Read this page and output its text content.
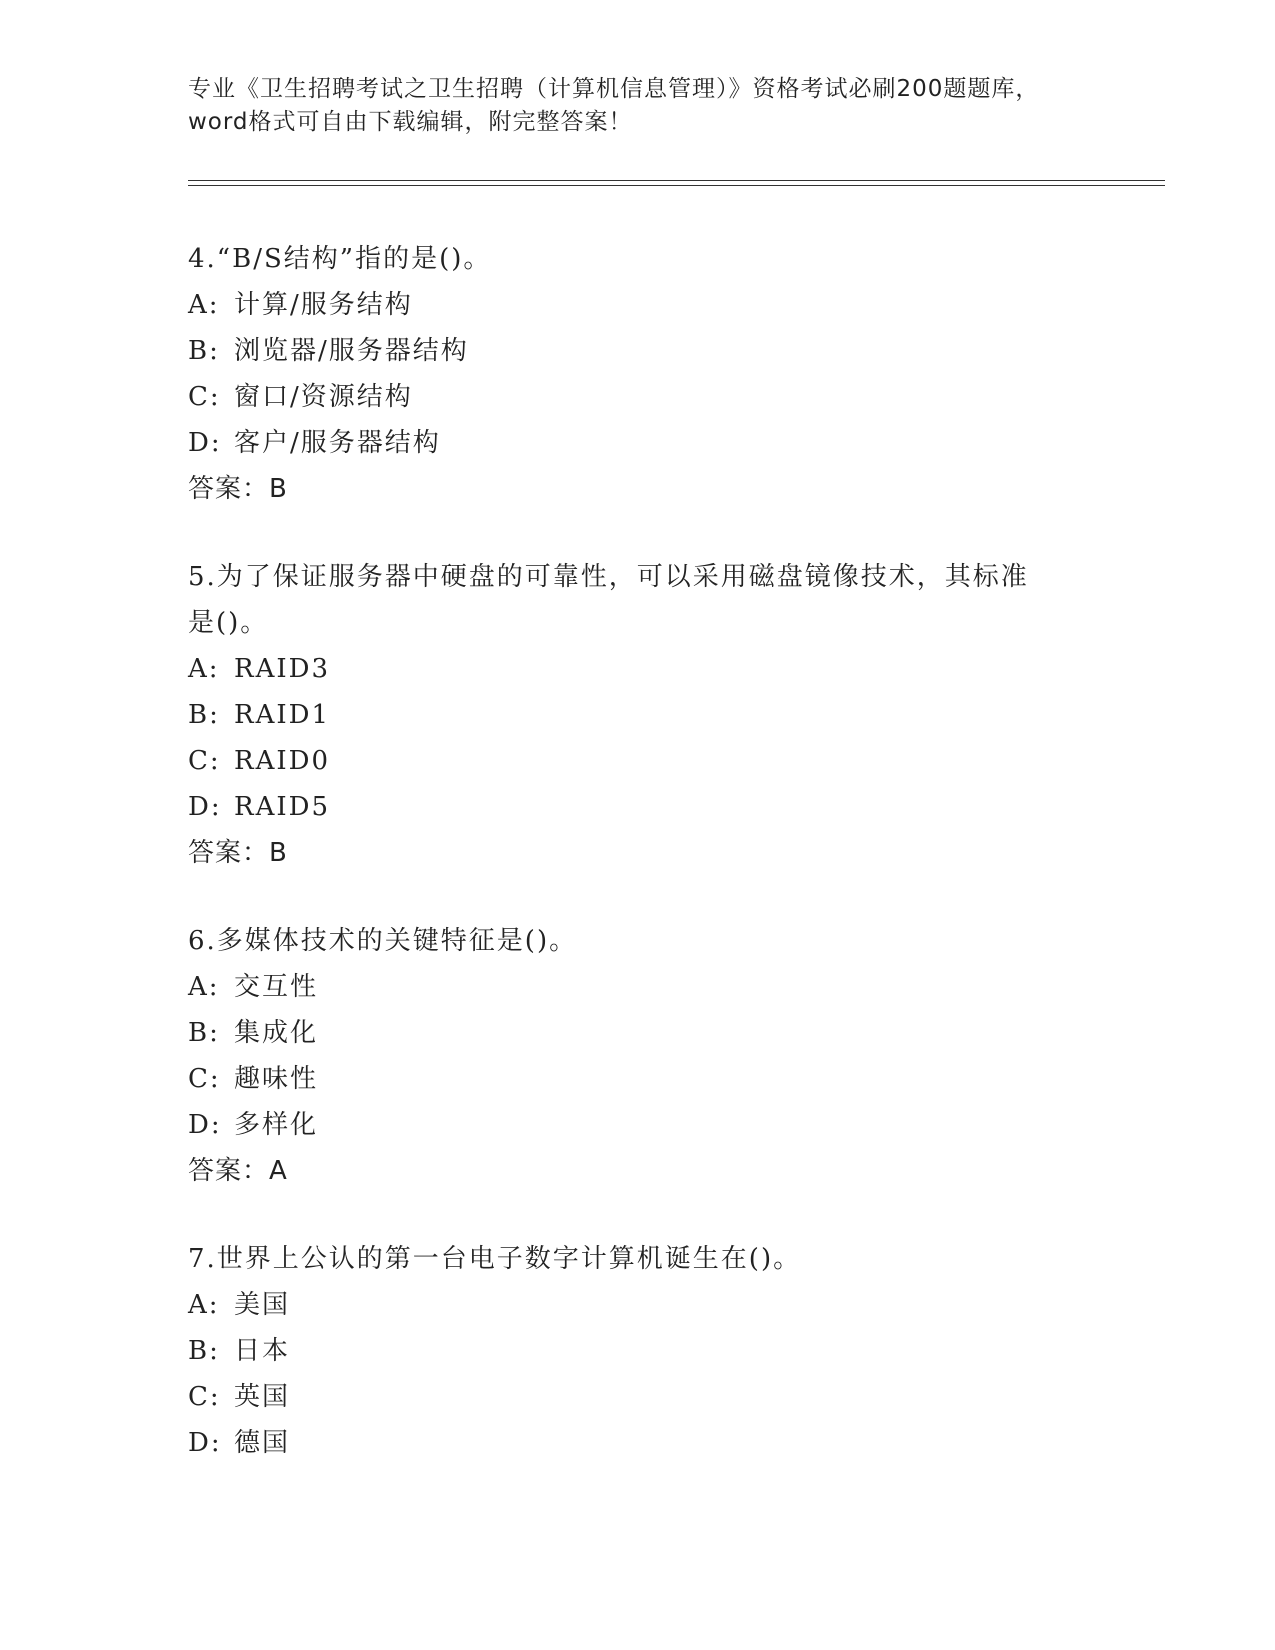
专业《卫生招聘考试之卫生招聘（计算机信息管理）》资格考试必刷200题题库，
word格式可自由下载编辑，附完整答案！
4.“B/S结构”指的是()。
A: 计算/服务结构
B: 浏览器/服务器结构
C: 窗口/资源结构
D: 客户/服务器结构
答案：B
5.为了保证服务器中硬盘的可靠性，可以采用磁盘镜像技术，其标准是()。
A: RAID3
B: RAID1
C: RAID0
D: RAID5
答案：B
6.多媒体技术的关键特征是()。
A: 交互性
B: 集成化
C: 趣味性
D: 多样化
答案：A
7.世界上公认的第一台电子数字计算机诞生在()。
A: 美国
B: 日本
C: 英国
D: 德国
